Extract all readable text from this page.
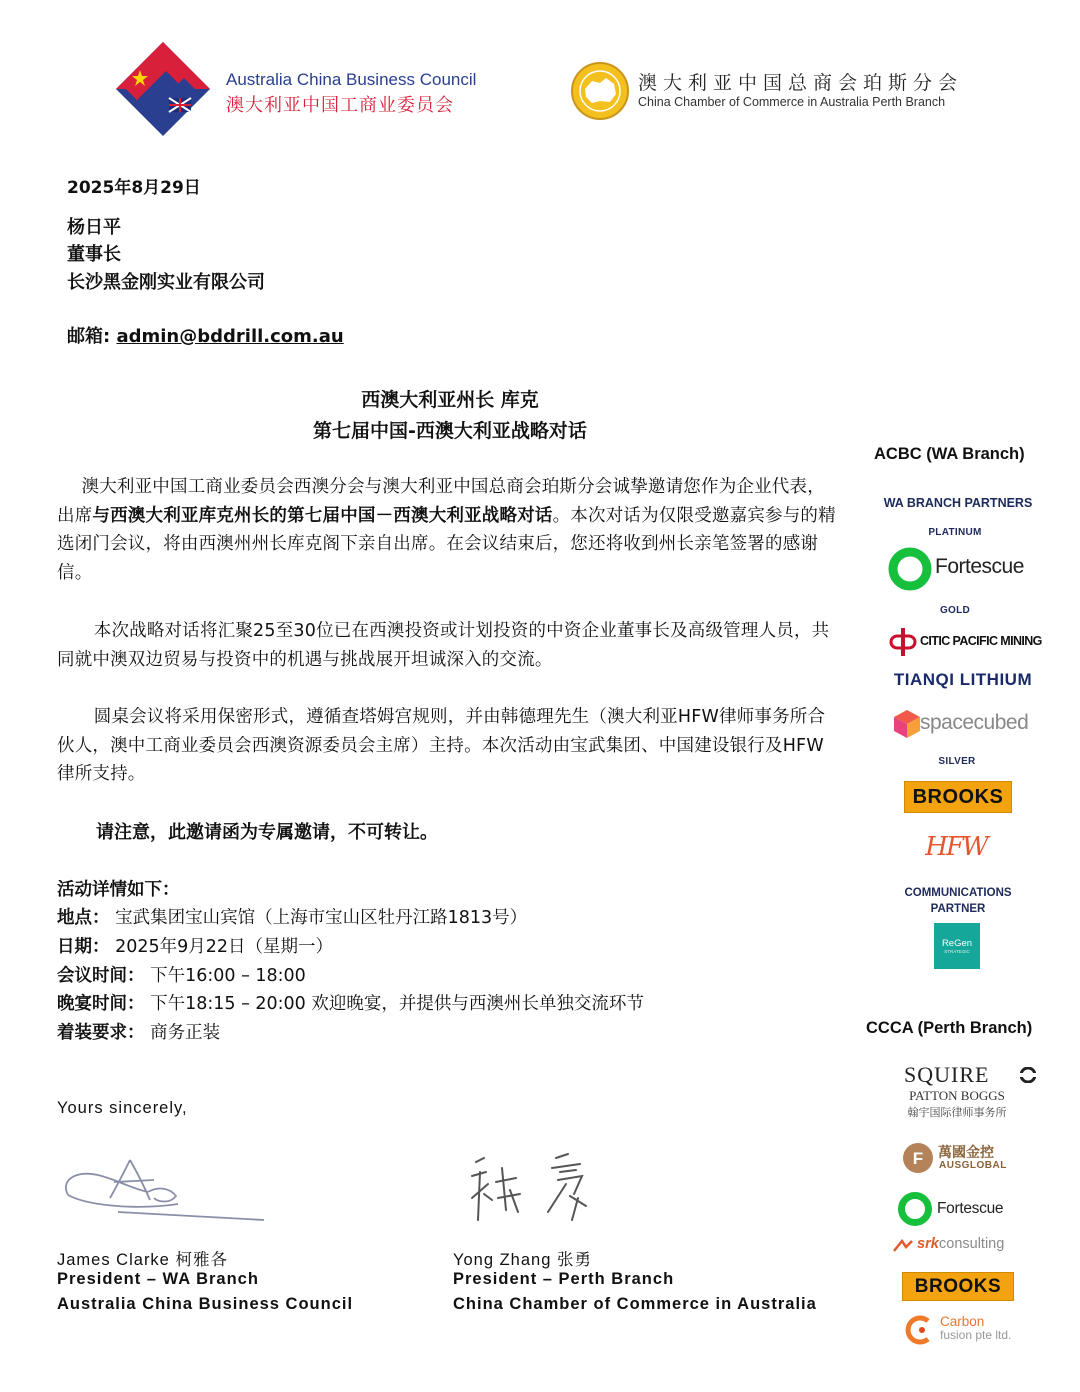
Australia China Business Council
澳大利亚中国工商业委员会
澳大利亚中国总商会珀斯分会
China Chamber of Commerce in Australia Perth Branch
2025年8月29日
杨日平
董事长
长沙黑金刚实业有限公司
邮箱: admin@bddrill.com.au
西澳大利亚州长 库克
第七届中国-西澳大利亚战略对话

澳大利亚中国工商业委员会西澳分会与澳大利亚中国总商会珀斯分会诚挚邀请您作为企业代表，出席与西澳大利亚库克州长的第七届中国－西澳大利亚战略对话。本次对话为仅限受邀嘉宾参与的精选闭门会议，将由西澳州州长库克阁下亲自出席。在会议结束后，您还将收到州长亲笔签署的感谢信。

本次战略对话将汇聚25至30位已在西澳投资或计划投资的中资企业董事长及高级管理人员，共同就中澳双边贸易与投资中的机遇与挑战展开坦诚深入的交流。

圆桌会议将采用保密形式，遵循查塔姆宫规则，并由韩德理先生（澳大利亚HFW律师事务所合伙人，澳中工商业委员会西澳资源委员会主席）主持。本次活动由宝武集团、中国建设银行及HFW律所支持。

请注意，此邀请函为专属邀请，不可转让。
活动详情如下：
地点： 宝武集团宝山宾馆（上海市宝山区牡丹江路1813号）
日期： 2025年9月22日（星期一）
会议时间： 下午16:00 – 18:00
晚宴时间： 下午18:15 – 20:00 欢迎晚宴，并提供与西澳州长单独交流环节
着装要求： 商务正装
Yours sincerely,
James Clarke 柯雅各
President – WA Branch
Australia China Business Council
Yong Zhang 张勇
President – Perth Branch
China Chamber of Commerce in Australia
ACBC (WA Branch)
WA BRANCH PARTNERS
PLATINUM
Fortescue
GOLD
CITIC PACIFIC MINING
TIANQI LITHIUM
spacecubed
SILVER
BROOKS
HFW
COMMUNICATIONS
PARTNER
ReGen
STRATEGIC
CCCA (Perth Branch)
SQUIRE
PATTON BOGGS
翰宇国际律师事务所
F 萬國金控
AUSGLOBAL
Fortescue
srk consulting
BROOKS
Carbon
fusion pte ltd.
